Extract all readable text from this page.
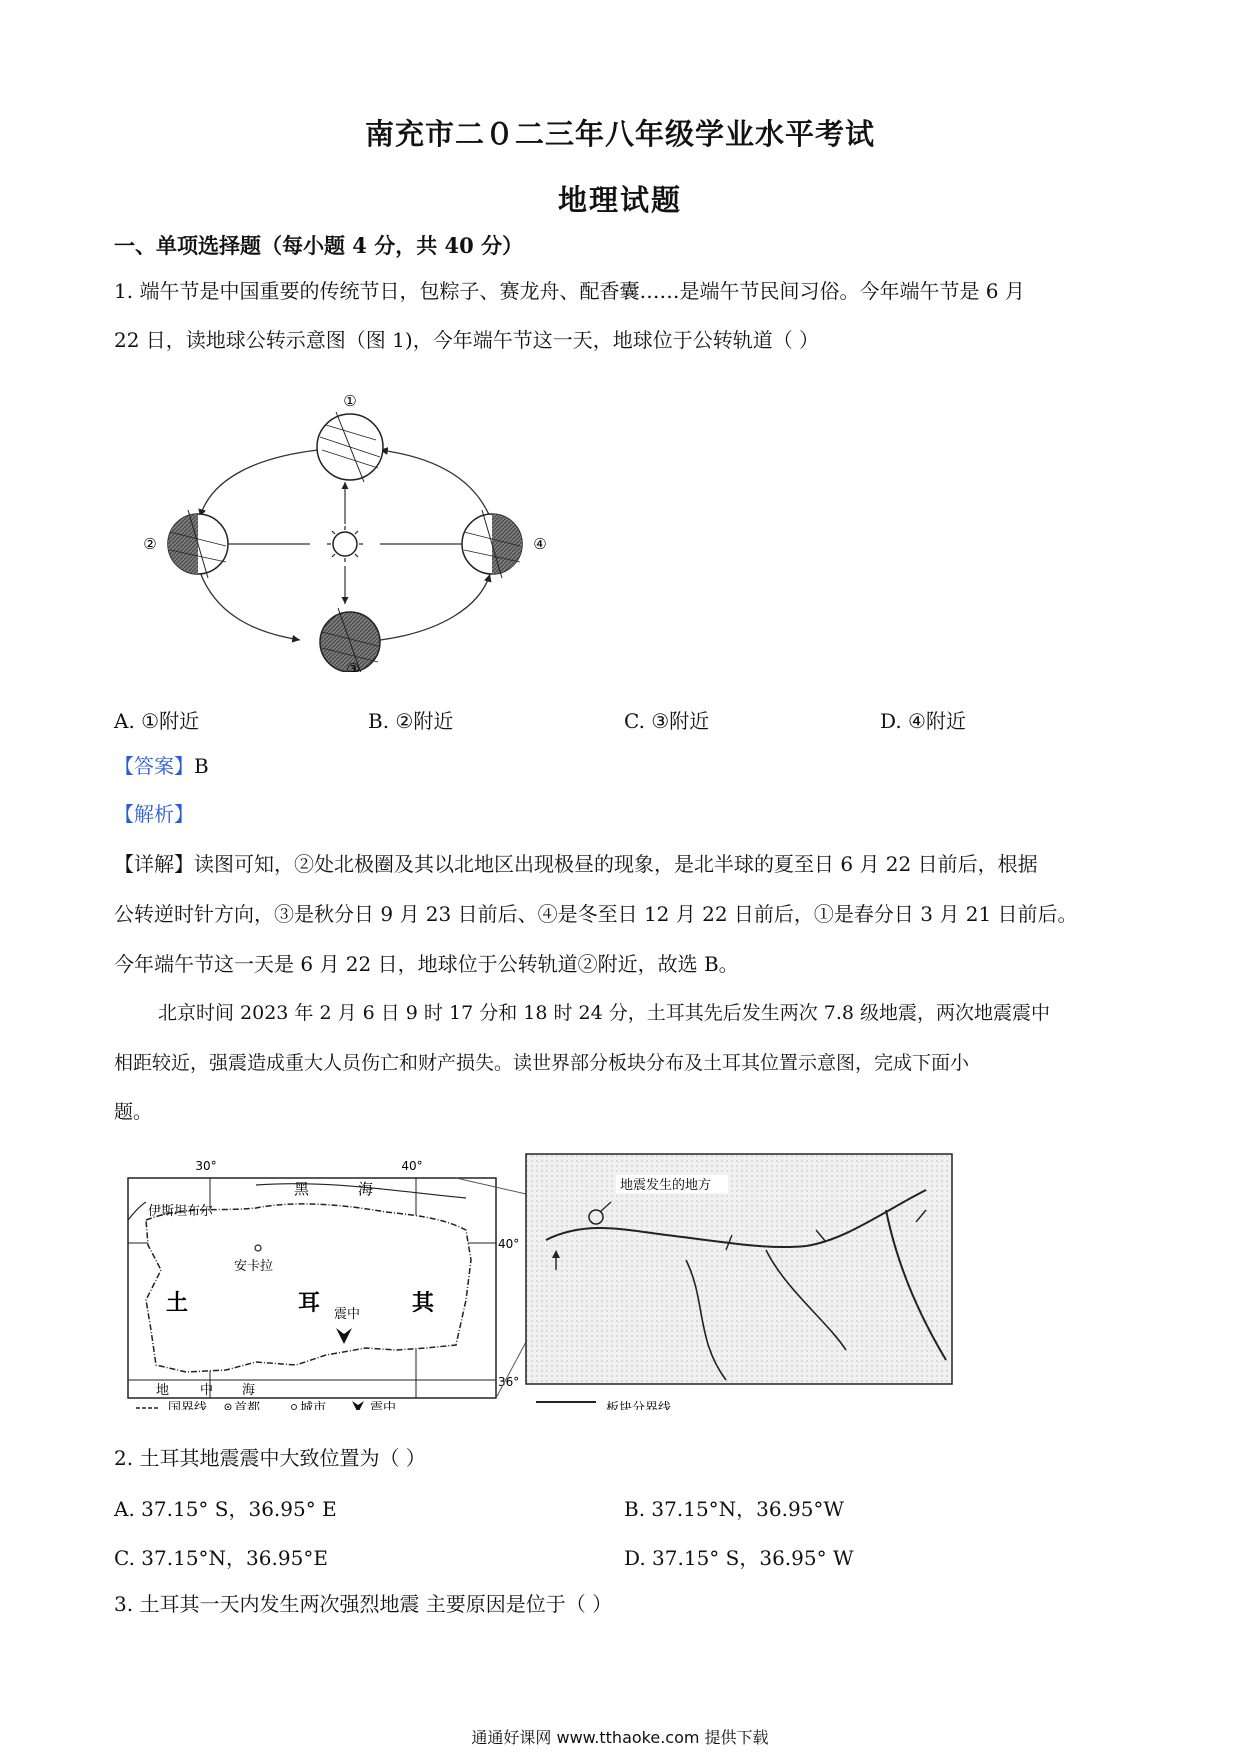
南充市二０二三年八年级学业水平考试
地理试题
一、单项选择题（每小题 4 分，共 40 分）
1. 端午节是中国重要的传统节日，包粽子、赛龙舟、配香囊……是端午节民间习俗。今年端午节是 6 月
22 日，读地球公转示意图（图 1)，今年端午节这一天，地球位于公转轨道（ ）
①
②
③
④
A. ①附近	B. ②附近	C. ③附近	D. ④附近
【答案】B
【解析】
【详解】读图可知，②处北极圈及其以北地区出现极昼的现象，是北半球的夏至日 6 月 22 日前后，根据
公转逆时针方向，③是秋分日 9 月 23 日前后、④是冬至日 12 月 22 日前后，①是春分日 3 月 21 日前后。
今年端午节这一天是 6 月 22 日，地球位于公转轨道②附近，故选 B。
北京时间 2023 年 2 月 6 日 9 时 17 分和 18 时 24 分，土耳其先后发生两次 7.8 级地震，两次地震震中
相距较近，强震造成重大人员伤亡和财产损失。读世界部分板块分布及土耳其位置示意图，完成下面小
题。
30°	40°
40°
36°
黑	海
伊斯坦布尔
安卡拉
土	耳	其
震中
地 中 海
地震发生的地方
国界线 首都	城市	震中	板块分界线
2. 土耳其地震震中大致位置为（ ）
A. 37.15° S，36.95° E	B. 37.15°N，36.95°W
C. 37.15°N，36.95°E	D. 37.15° S，36.95° W
3. 土耳其一天内发生两次强烈地震 主要原因是位于（ ）
通通好课网 www.tthaoke.com 提供下载
